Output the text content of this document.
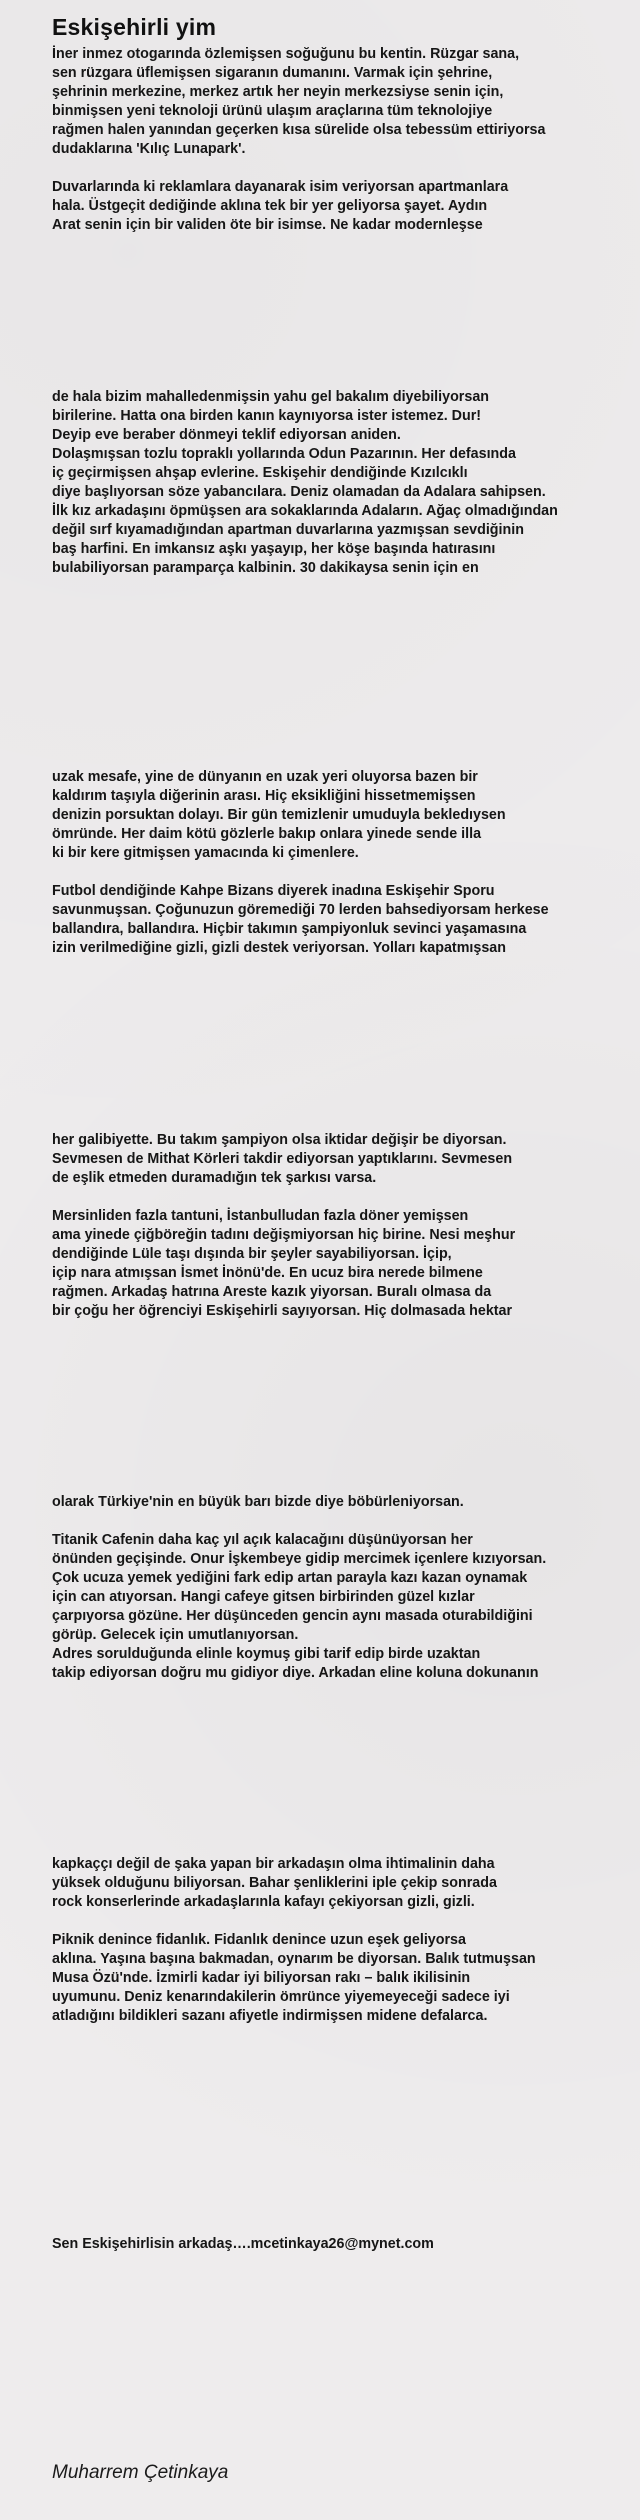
Eskişehirli yim
İner inmez otogarında özlemişsen soğuğunu bu kentin. Rüzgar sana,
sen rüzgara üflemişsen sigaranın dumanını. Varmak için şehrine,
şehrinin merkezine, merkez artık her neyin merkezsiyse senin için,
binmişsen yeni teknoloji ürünü ulaşım araçlarına tüm teknolojiye
rağmen halen yanından geçerken kısa sürelide olsa tebessüm ettiriyorsa
dudaklarına 'Kılıç Lunapark'.
Duvarlarında ki reklamlara dayanarak isim veriyorsan apartmanlara
hala. Üstgeçit dediğinde aklına tek bir yer geliyorsa şayet. Aydın
Arat senin için bir validen öte bir isimse. Ne kadar modernleşse
de hala bizim mahalledenmişsin yahu gel bakalım diyebiliyorsan
birilerine. Hatta ona birden kanın kaynıyorsa ister istemez. Dur!
Deyip eve beraber dönmeyi teklif ediyorsan aniden.
Dolaşmışsan tozlu topraklı yollarında Odun Pazarının. Her defasında
iç geçirmişsen ahşap evlerine. Eskişehir dendiğinde Kızılcıklı
diye başlıyorsan söze yabancılara. Deniz olamadan da Adalara sahipsen.
İlk kız arkadaşını öpmüşsen ara sokaklarında Adaların. Ağaç olmadığından
değil sırf kıyamadığından apartman duvarlarına yazmışsan sevdiğinin
baş harfini. En imkansız aşkı yaşayıp, her köşe başında hatırasını
bulabiliyorsan paramparça kalbinin. 30 dakikaysa senin için en
uzak mesafe, yine de dünyanın en uzak yeri oluyorsa bazen bir
kaldırım taşıyla diğerinin arası. Hiç eksikliğini hissetmemişsen
denizin porsuktan dolayı. Bir gün temizlenir umuduyla bekledıysen
ömründe. Her daim kötü gözlerle bakıp onlara yinede sende illa
ki bir kere gitmişsen yamacında ki çimenlere.
Futbol dendiğinde Kahpe Bizans diyerek inadına Eskişehir Sporu
savunmuşsan. Çoğunuzun göremediği 70 lerden bahsediyorsam herkese
ballandıra, ballandıra. Hiçbir takımın şampiyonluk sevinci yaşamasına
izin verilmediğine gizli, gizli destek veriyorsan. Yolları kapatmışsan
her galibiyette. Bu takım şampiyon olsa iktidar değişir be diyorsan.
Sevmesen de Mithat Körleri takdir ediyorsan yaptıklarını. Sevmesen
de eşlik etmeden duramadığın tek şarkısı varsa.
Mersinliden fazla tantuni, İstanbulludan fazla döner yemişsen
ama yinede çiğböreğin tadını değişmiyorsan hiç birine. Nesi meşhur
dendiğinde Lüle taşı dışında bir şeyler sayabiliyorsan. İçip,
içip nara atmışsan İsmet İnönü'de. En ucuz bira nerede bilmene
rağmen. Arkadaş hatrına Areste kazık yiyorsan. Buralı olmasa da
bir çoğu her öğrenciyi Eskişehirli sayıyorsan. Hiç dolmasada hektar
olarak Türkiye'nin en büyük barı bizde diye böbürleniyorsan.
Titanik Cafenin daha kaç yıl açık kalacağını düşünüyorsan her
önünden geçişinde. Onur İşkembeye gidip mercimek içenlere kızıyorsan.
Çok ucuza yemek yediğini fark edip artan parayla kazı kazan oynamak
için can atıyorsan. Hangi cafeye gitsen birbirinden güzel kızlar
çarpıyorsa gözüne. Her düşünceden gencin aynı masada oturabildiğini
görüp. Gelecek için umutlanıyorsan.
Adres sorulduğunda elinle koymuş gibi tarif edip birde uzaktan
takip ediyorsan doğru mu gidiyor diye. Arkadan eline koluna dokunanın
kapkaççı değil de şaka yapan bir arkadaşın olma ihtimalinin daha
yüksek olduğunu biliyorsan. Bahar şenliklerini iple çekip sonrada
rock konserlerinde arkadaşlarınla kafayı çekiyorsan gizli, gizli.
Piknik denince fidanlık. Fidanlık denince uzun eşek geliyorsa
aklına. Yaşına başına bakmadan, oynarım be diyorsan. Balık tutmuşsan
Musa Özü'nde. İzmirli kadar iyi biliyorsan rakı – balık ikilisinin
uyumunu. Deniz kenarındakilerin ömrünce yiyemeyeceği sadece iyi
atladığını bildikleri sazanı afiyetle indirmişsen midene defalarca.
Sen Eskişehirlisin arkadaş….mcetinkaya26@mynet.com
Muharrem Çetinkaya
